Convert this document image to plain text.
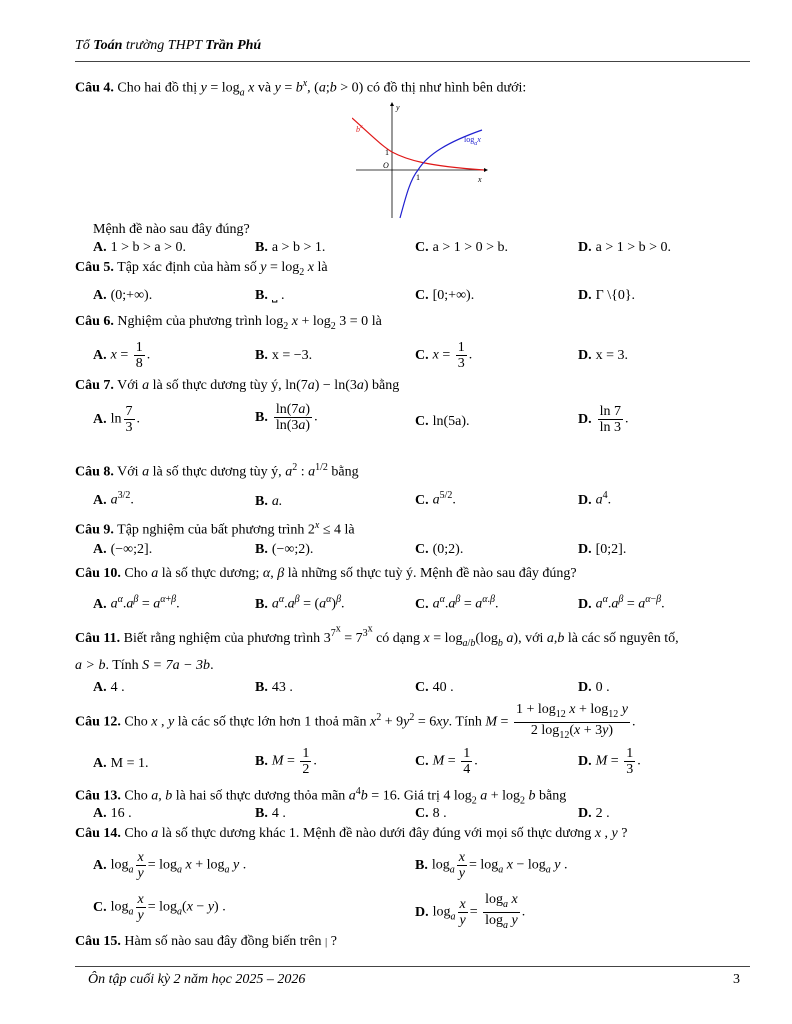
Tổ Toán trường THPT Trần Phú
Câu 4. Cho hai đồ thị $y = \log_a x$ và $y = b^x$, (a;b > 0) có đồ thị như hình bên dưới:
y
x
$b^x$
$\log_ax$
1
O
1
Mệnh đề nào sau đây đúng?
A. 1 > b > a > 0.	B. a > b > 1.	C. a > 1 > 0 > b.	D. a > 1 > b > 0.
Câu 5. Tập xác định của hàm số $y = \log_2 x$ là
A. (0;+∞).	B. ⎵ .	C. [0;+∞).	D. Γ \{0}.
Câu 6. Nghiệm của phương trình $\log_2 x + \log_2 3 = 0$ là
A. $x = \frac{1}{8}$ .	B. x = −3.	C. $x = \frac{1}{3}$ .	D. x = 3.
Câu 7. Với a là số thực dương tùy ý, ln(7a) − ln(3a) bằng
A. $\ln \frac{7}{3}$ .	B. $\frac{\ln(7a)}{\ln(3a)}$ .	C. ln(5a).	D. $\frac{\ln 7}{\ln 3}$ .
Câu 8. Với a là số thực dương tùy ý, $a^2$ : $a^{1/2}$ bằng
A. $a^{3/2}$.	B. a.	C. $a^{5/2}$.	D. $a^4$.
Câu 9. Tập nghiệm của bất phương trình $2^x \le 4$ là
A. (−∞;2].	B. (−∞;2).	C. (0;2).	D. [0;2].
Câu 10. Cho a là số thực dương; α, β là những số thực tuỳ ý. Mệnh đề nào sau đây đúng?
A. $a^\alpha.a^\beta = a^{\alpha+\beta}$.	B. $a^\alpha.a^\beta = (a^\alpha)^\beta$.	C. $a^\alpha.a^\beta = a^{\alpha.\beta}$.	D. $a^\alpha.a^\beta = a^{\alpha-\beta}$.
Câu 11. Biết rằng nghiệm của phương trình $3^{7^x} = 7^{3^x}$ có dạng $x = \log_{a/b}(\log_b$ a), với a,b là các số nguyên tố,
a > b. Tính S = 7a − 3b.
A. 4 .	B. 43 .	C. 40 .	D. 0 .
Câu 12. Cho x , y là các số thực lớn hơn 1 thoả mãn $x^2 + 9y^2 = 6xy$. Tính $M = \frac{1 + \log_{12} x + \log_{12} y}{2 \log_{12}(x + 3y)}$ .
A. M = 1.	B. $M = \frac{1}{2}$ .	C. $M = \frac{1}{4}$ .	D. $M = \frac{1}{3}$ .
Câu 13. Cho a, b là hai số thực dương thỏa mãn $a^4b = 16$. Giá trị 4 $\log_2 a + \log_2 b$ bằng
A. 16 .	B. 4 .	C. 8 .	D. 2 .
Câu 14. Cho a là số thực dương khác 1. Mệnh đề nào dưới đây đúng với mọi số thực dương x , y ?
A. $\log_a \frac{x}{y} = \log_a x + \log_a y$ .	B. $\log_a \frac{x}{y} = \log_a x - \log_a y$ .
C. $\log_a \frac{x}{y} = \log_a(x - y)$ .	D. $\log_a \frac{x}{y} = \frac{\log_a x}{\log_a y}$ .
Câu 15. Hàm số nào sau đây đồng biến trên | ?
Ôn tập cuối kỳ 2 năm học 2025 – 2026	3
